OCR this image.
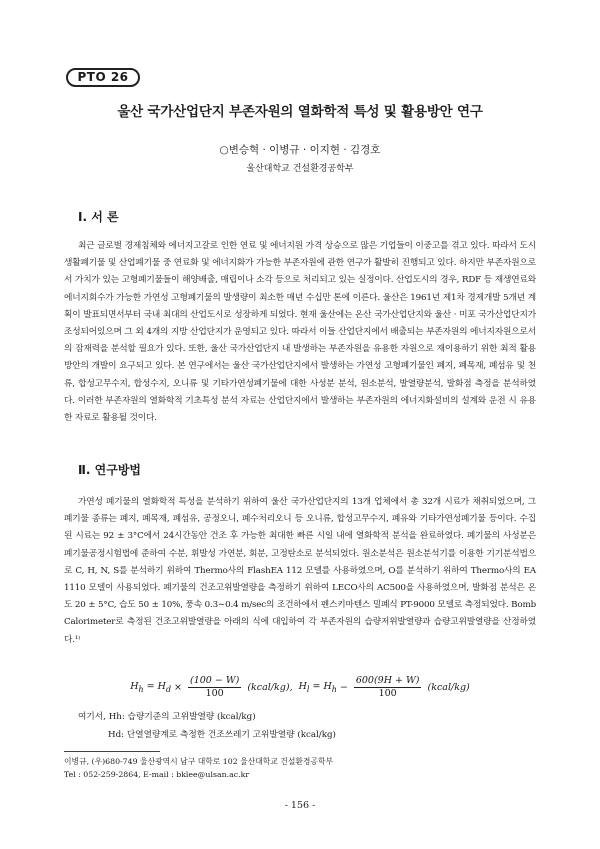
PTO 26
울산 국가산업단지 부존자원의 열화학적 특성 및 활용방안 연구
○변승혁 · 이병규 · 이지현 · 김경호
울산대학교 건설환경공학부
Ⅰ. 서 론

최근 글로벌 경제침체와 에너지고갈로 인한 연료 및 에너지원 가격 상승으로 많은 기업들이 이중고를 겪고 있다. 따라서 도시생활폐기물 및 산업폐기물 중 연료화 및 에너지화가 가능한 부존자원에 관한 연구가 활발히 진행되고 있다. 하지만 부존자원으로서 가치가 있는 고형폐기물들이 해양배출, 매립이나 소각 등으로 처리되고 있는 실정이다. 산업도시의 경우, RDF 등 재생연료와 에너지회수가 가능한 가연성 고형폐기물의 발생량이 최소한 매년 수십만 톤에 이른다. 울산은 1961년 제1차 경제개발 5개년 계획이 발표되면서부터 국내 최대의 산업도시로 성장하게 되었다. 현재 울산에는 온산 국가산업단지와 울산 · 미포 국가산업단지가 조성되어있으며 그 외 4개의 지방 산업단지가 운영되고 있다. 따라서 이들 산업단지에서 배출되는 부존자원의 에너지자원으로서의 잠재력을 분석할 필요가 있다. 또한, 울산 국가산업단지 내 발생하는 부존자원을 유용한 자원으로 재이용하기 위한 최적 활용방안의 개발이 요구되고 있다. 본 연구에서는 울산 국가산업단지에서 발생하는 가연성 고형폐기물인 폐지, 폐목재, 폐섬유 및 천류, 합성고무수지, 합성수지, 오니류 및 기타가연성폐기물에 대한 사성분 분석, 원소분석, 발열량분석, 발화점 측정을 분석하였다. 이러한 부존자원의 열화학적 기초특성 분석 자료는 산업단지에서 발생하는 부존자원의 에너지화설비의 설계와 운전 시 유용한 자료로 활용될 것이다.

Ⅱ. 연구방법

가연성 폐기물의 열화학적 특성을 분석하기 위하여 울산 국가산업단지의 13개 업체에서 총 32개 시료가 채취되었으며, 그 폐기물 종류는 폐지, 폐목재, 폐섬유, 공정오니, 폐수처리오니 등 오니류, 합성고무수지, 폐유와 기타가연성폐기물 등이다. 수집된 시료는 92 ± 3°C에서 24시간동안 건조 후 가능한 최대한 빠른 시일 내에 열화학적 분석을 완료하였다. 폐기물의 사성분은 폐기물공정시험법에 준하여 수분, 휘발성 가연분, 회분, 고정탄소로 분석되었다. 원소분석은 원소분석기를 이용한 기기분석법으로 C, H, N, S를 분석하기 위하여 Thermo사의 FlashEA 112 모델를 사용하였으며, O를 분석하기 위하여 Thermo사의 EA 1110 모델이 사용되었다. 폐기물의 건조고위발열량을 측정하기 위하여 LECO사의 AC500을 사용하였으며, 발화점 분석은 온도 20 ± 5°C, 습도 50 ± 10%, 풍속 0.3∼0.4 m/sec의 조건하에서 펜스키마텐스 밀폐식 PT-9000 모델로 측정되었다. Bomb Calorimeter로 측정된 건조고위발열량을 아래의 식에 대입하여 각 부존자원의 습량저위발열량과 습량고위발열량을 산정하였다.¹⁾

$H_h = H_d \times \frac{(100 - W)}{100}$ (kcal/kg), $H_l = H_h - \frac{600(9H + W)}{100}$ (kcal/kg)
여기서, Hh: 습량기준의 고위발열량 (kcal/kg)
Hd: 단열열량계로 측정한 건조쓰레기 고위발열량 (kcal/kg)
이병규, (우)680-749 울산광역시 남구 대학로 102 울산대학교 건설환경공학부
Tel : 052-259-2864, E-mail : bklee@ulsan.ac.kr
- 156 -
